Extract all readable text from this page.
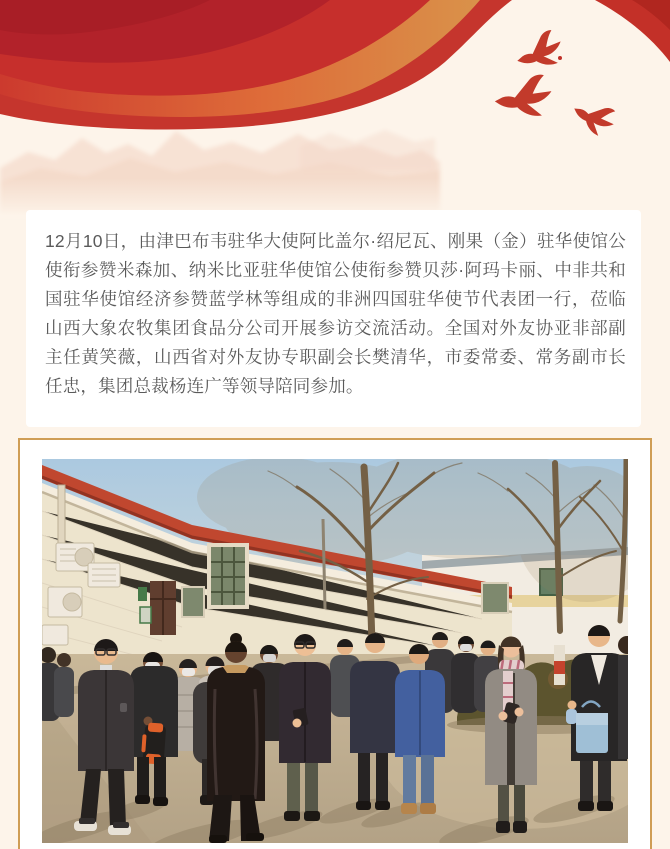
12月10日，由津巴布韦驻华大使阿比盖尔·绍尼瓦、刚果（金）驻华使馆公使衔参赞米森加、纳米比亚驻华使馆公使衔参赞贝莎·阿玛卡丽、中非共和国驻华使馆经济参赞蓝学林等组成的非洲四国驻华使节代表团一行，莅临山西大象农牧集团食品分公司开展参访交流活动。全国对外友协亚非部副主任黄笑薇，山西省对外友协专职副会长樊清华，市委常委、常务副市长任忠，集团总裁杨连广等领导陪同参加。
